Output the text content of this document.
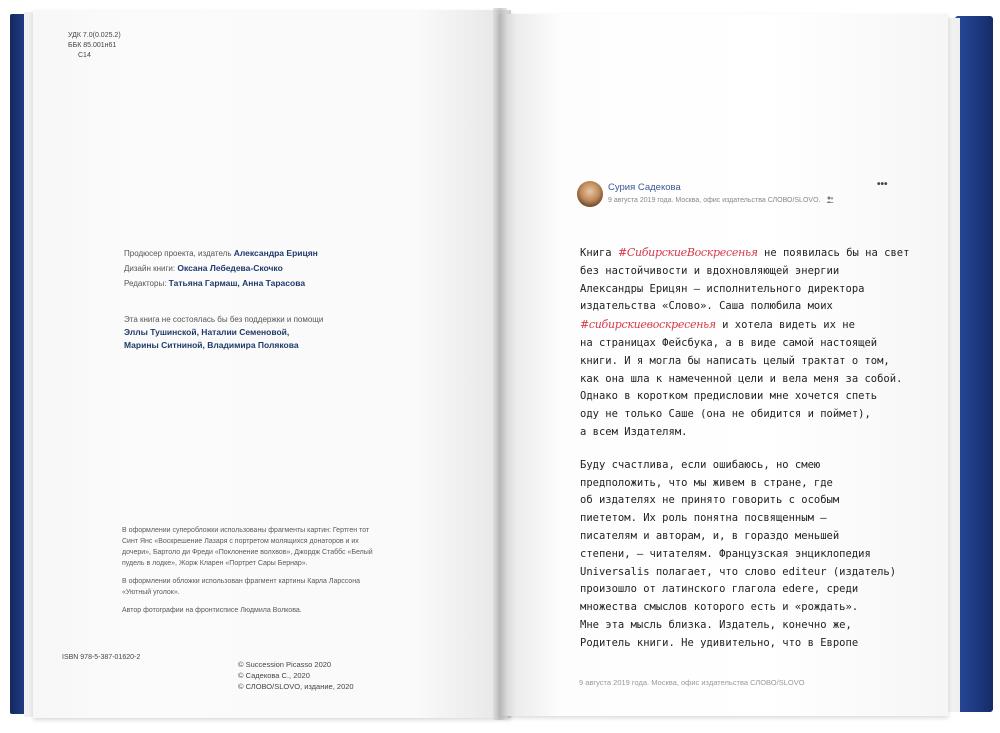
УДК 7.0(0.025.2)
ББК 85.001н61
С14
Продюсер проекта, издатель Александра Ерицян
Дизайн книги: Оксана Лебедева-Скочко
Редакторы: Татьяна Гармаш, Анна Тарасова
Эта книга не состоялась бы без поддержки и помощи
Эллы Тушинской, Наталии Семеновой,
Марины Ситниной, Владимира Полякова
В оформлении суперобложки использованы фрагменты картин: Гертген тот Синт Янс «Воскрешение Лазаря с портретом молящихся донаторов и их дочери», Бартоло ди Фреди «Поклонение волхвов», Джордж Стаббс «Белый пудель в лодке», Жорж Кларен «Портрет Сары Бернар».
В оформлении обложки использован фрагмент картины Карла Ларссона «Уютный уголок».
Автор фотографии на фронтисписе Людмила Волкова.
ISBN 978-5-387-01620-2
© Succession Picasso 2020
© Садекова С., 2020
© СЛОВО/SLOVO, издание, 2020
Сурия Садекова
9 августа 2019 года. Москва, офис издательства СЛОВО/SLOVO.
•••
Книга #СибирскиеВоскресенья не появилась бы на свет
без настойчивости и вдохновляющей энергии
Александры Ерицян — исполнительного директора
издательства «Слово». Саша полюбила моих
#сибирскиевоскресенья и хотела видеть их не
на страницах Фейсбука, а в виде самой настоящей
книги. И я могла бы написать целый трактат о том,
как она шла к намеченной цели и вела меня за собой.
Однако в коротком предисловии мне хочется спеть
оду не только Саше (она не обидится и поймет),
а всем Издателям.
Буду счастлива, если ошибаюсь, но смею
предположить, что мы живем в стране, где
об издателях не принято говорить с особым
пиететом. Их роль понятна посвященным —
писателям и авторам, и, в гораздо меньшей
степени, — читателям. Французская энциклопедия
Universalis полагает, что слово editeur (издатель)
произошло от латинского глагола edere, среди
множества смыслов которого есть и «рождать».
Мне эта мысль близка. Издатель, конечно же,
Родитель книги. Не удивительно, что в Европе
9 августа 2019 года. Москва, офис издательства СЛОВО/SLOVO
